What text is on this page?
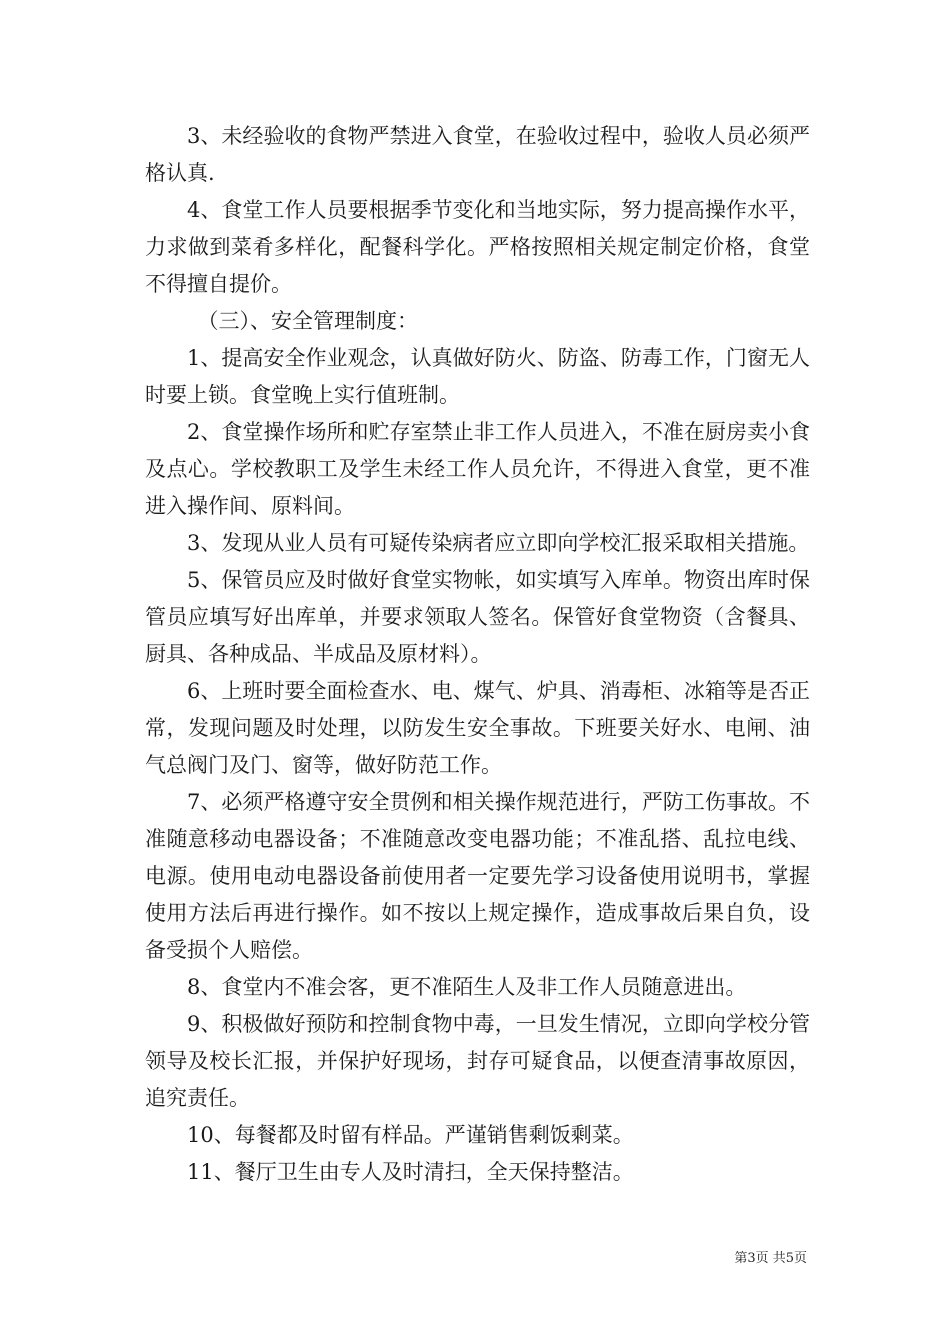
3、未经验收的食物严禁进入食堂，在验收过程中，验收人员必须严格认真.

4、食堂工作人员要根据季节变化和当地实际，努力提高操作水平，力求做到菜肴多样化，配餐科学化。严格按照相关规定制定价格，食堂不得擅自提价。

（三）、安全管理制度：

1、提高安全作业观念，认真做好防火、防盗、防毒工作，门窗无人时要上锁。食堂晚上实行值班制。

2、食堂操作场所和贮存室禁止非工作人员进入，不准在厨房卖小食及点心。学校教职工及学生未经工作人员允许，不得进入食堂，更不准进入操作间、原料间。

3、发现从业人员有可疑传染病者应立即向学校汇报采取相关措施。

5、保管员应及时做好食堂实物帐，如实填写入库单。物资出库时保管员应填写好出库单，并要求领取人签名。保管好食堂物资（含餐具、厨具、各种成品、半成品及原材料）。

6、上班时要全面检查水、电、煤气、炉具、消毒柜、冰箱等是否正常，发现问题及时处理，以防发生安全事故。下班要关好水、电闸、油气总阀门及门、窗等，做好防范工作。

7、必须严格遵守安全贯例和相关操作规范进行，严防工伤事故。不准随意移动电器设备；不准随意改变电器功能；不准乱搭、乱拉电线、电源。使用电动电器设备前使用者一定要先学习设备使用说明书，掌握使用方法后再进行操作。如不按以上规定操作，造成事故后果自负，设备受损个人赔偿。

8、食堂内不准会客，更不准陌生人及非工作人员随意进出。

9、积极做好预防和控制食物中毒，一旦发生情况，立即向学校分管领导及校长汇报，并保护好现场，封存可疑食品，以便查清事故原因，追究责任。

10、每餐都及时留有样品。严谨销售剩饭剩菜。

11、餐厅卫生由专人及时清扫，全天保持整洁。

第3页 共5页
